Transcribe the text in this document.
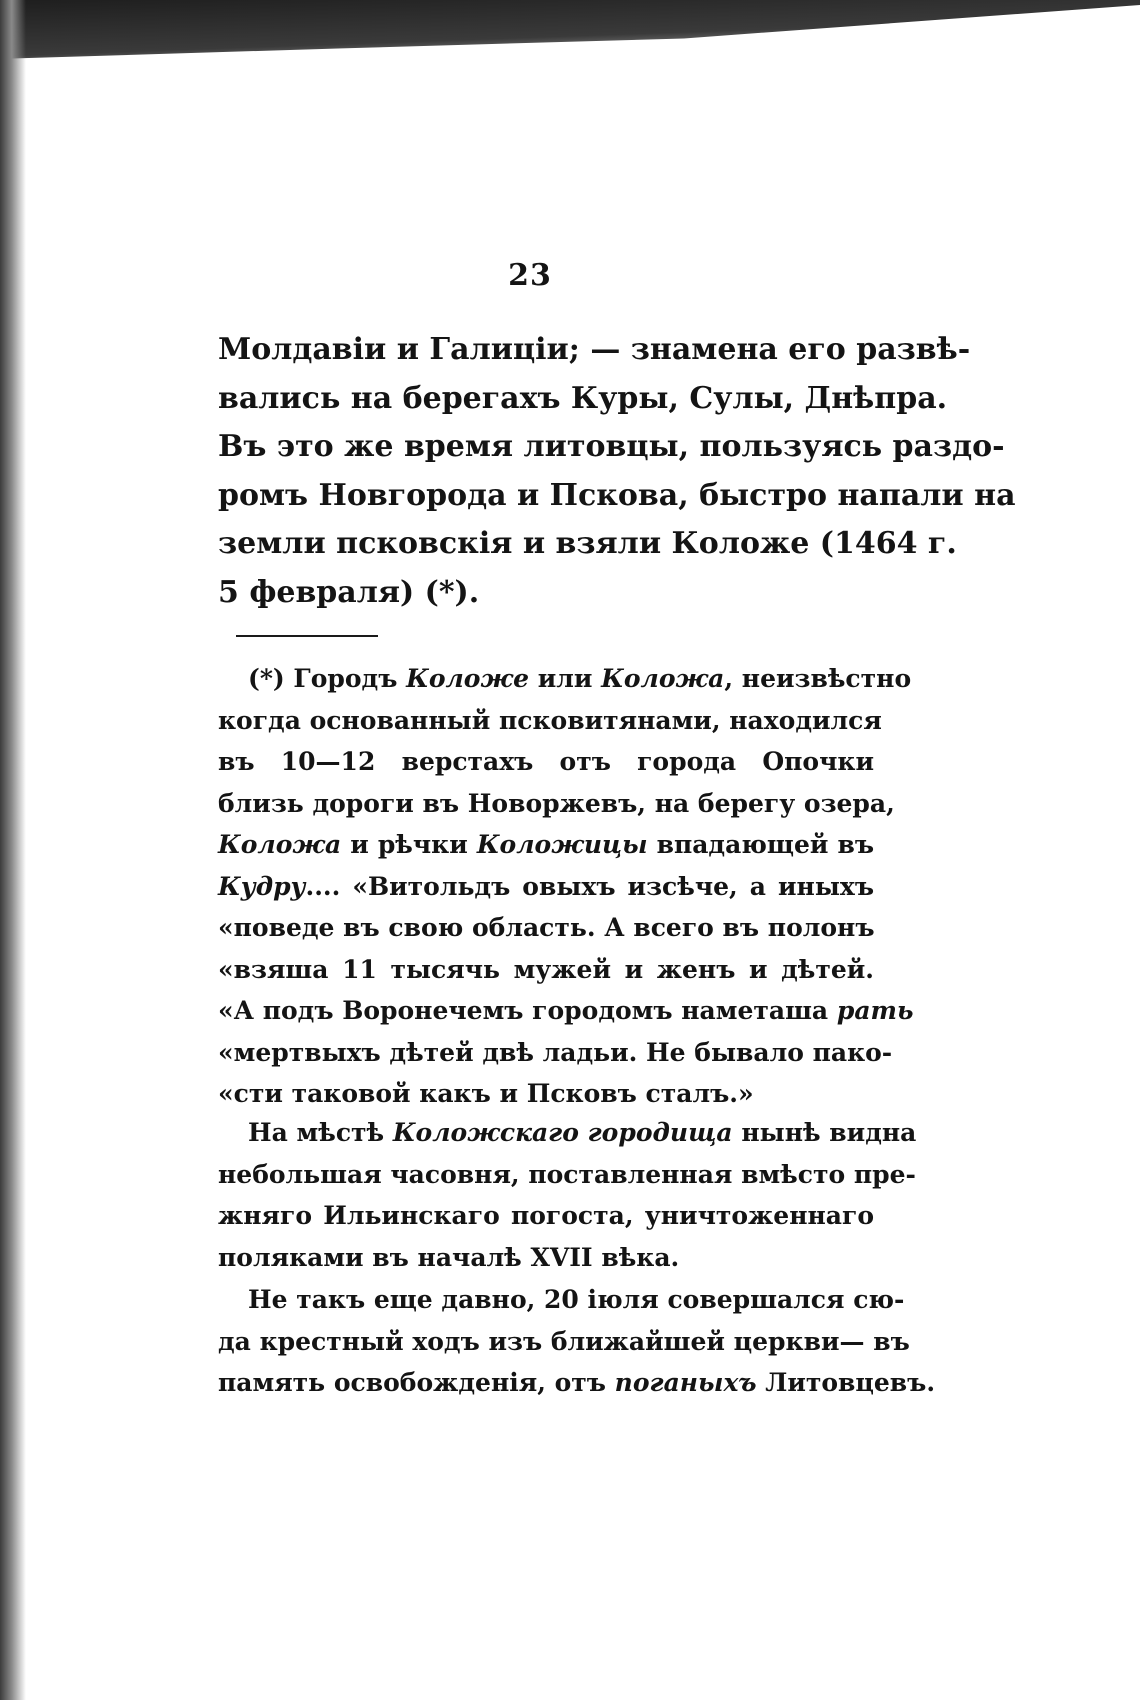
23
Молдавіи и Галиціи; — знамена его развѣ-
вались на берегахъ Куры, Сулы, Днѣпра.
Въ это же время литовцы, пользуясь раздо-
ромъ Новгорода и Пскова, быстро напали на
земли псковскія и взяли Коложе (1464 г.
5 февраля) (*).
(*) Городъ Коложе или Коложа, неизвѣстно
когда основанный псковитянами, находился
въ 10—12 верстахъ отъ города Опочки
близь дороги въ Новоржевъ, на берегу озера,
Коложа и рѣчки Коложицы впадающей въ
Кудру.... «Витольдъ овыхъ изсѣче, а иныхъ
«поведе въ свою область. А всего въ полонъ
«взяша 11 тысячь мужей и женъ и дѣтей.
«А подъ Воронечемъ городомъ наметаша рать
«мертвыхъ дѣтей двѣ ладьи. Не бывало пако-
«сти таковой какъ и Псковъ сталъ.»
На мѣстѣ Коложскаго городища нынѣ видна
небольшая часовня, поставленная вмѣсто пре-
жняго Ильинскаго погоста, уничтоженнаго
поляками въ началѣ XVII вѣка.
Не такъ еще давно, 20 іюля совершался сю-
да крестный ходъ изъ ближайшей церкви— въ
память освобожденія, отъ поганыхъ Литовцевъ.
